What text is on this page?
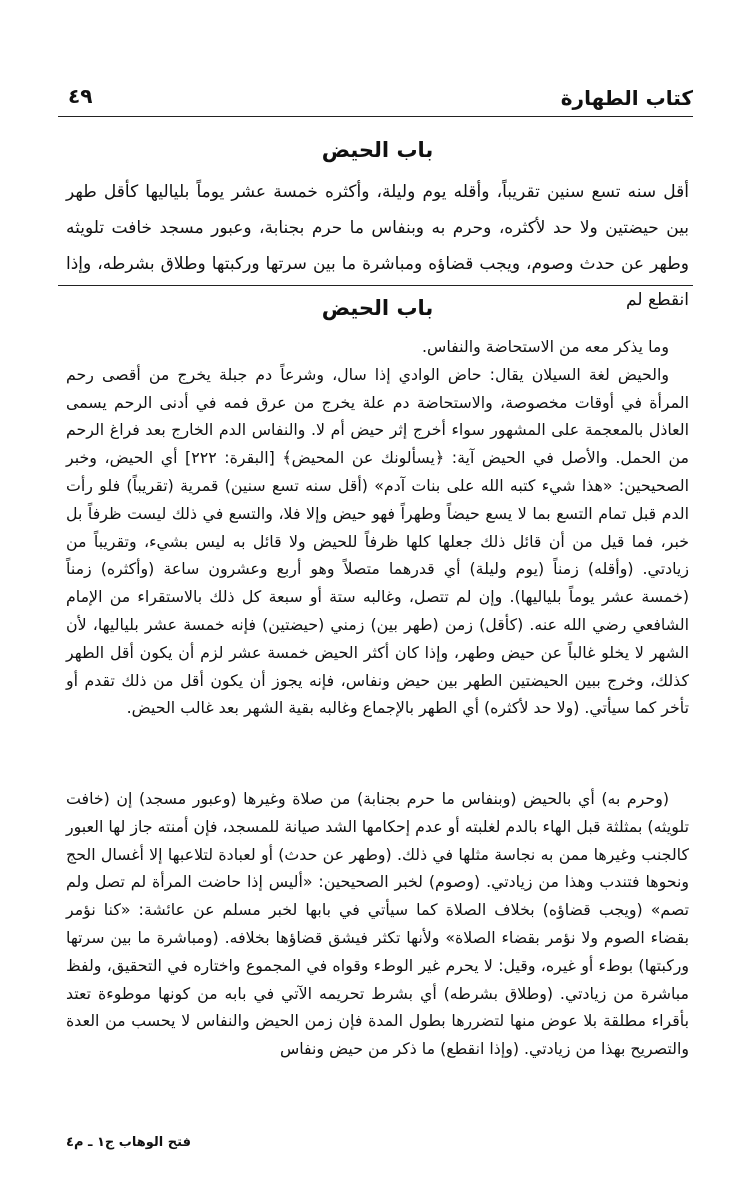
كتاب الطهارة
٤٩
باب الحيض
أقل سنه تسع سنين تقريباً، وأقله يوم وليلة، وأكثره خمسة عشر يوماً بلياليها كأقل طهر بين حيضتين ولا حد لأكثره، وحرم به وبنفاس ما حرم بجنابة، وعبور مسجد خافت تلويثه وطهر عن حدث وصوم، ويجب قضاؤه ومباشرة ما بين سرتها وركبتها وطلاق بشرطه، وإذا انقطع لم
باب الحيض

وما يذكر معه من الاستحاضة والنفاس.

والحيض لغة السيلان يقال: حاض الوادي إذا سال، وشرعاً دم جبلة يخرج من أقصى رحم المرأة في أوقات مخصوصة، والاستحاضة دم علة يخرج من عرق فمه في أدنى الرحم يسمى العاذل بالمعجمة على المشهور سواء أخرج إثر حيض أم لا. والنفاس الدم الخارج بعد فراغ الرحم من الحمل. والأصل في الحيض آية: ﴿يسألونك عن المحيض﴾ [البقرة: ٢٢٢] أي الحيض، وخبر الصحيحين: «هذا شيء كتبه الله على بنات آدم» (أقل سنه تسع سنين) قمرية (تقريباً) فلو رأت الدم قبل تمام التسع بما لا يسع حيضاً وطهراً فهو حيض وإلا فلا، والتسع في ذلك ليست ظرفاً بل خبر، فما قيل من أن قائل ذلك جعلها كلها ظرفاً للحيض ولا قائل به ليس بشيء، وتقريباً من زيادتي. (وأقله) زمناً (يوم وليلة) أي قدرهما متصلاً وهو أربع وعشرون ساعة (وأكثره) زمناً (خمسة عشر يوماً بلياليها). وإن لم تتصل، وغالبه ستة أو سبعة كل ذلك بالاستقراء من الإمام الشافعي رضي الله عنه. (كأقل) زمن (طهر بين) زمني (حيضتين) فإنه خمسة عشر بلياليها، لأن الشهر لا يخلو غالباً عن حيض وطهر، وإذا كان أكثر الحيض خمسة عشر لزم أن يكون أقل الطهر كذلك، وخرج ببين الحيضتين الطهر بين حيض ونفاس، فإنه يجوز أن يكون أقل من ذلك تقدم أو تأخر كما سيأتي. (ولا حد لأكثره) أي الطهر بالإجماع وغالبه بقية الشهر بعد غالب الحيض.

(وحرم به) أي بالحيض (وبنفاس ما حرم بجنابة) من صلاة وغيرها (وعبور مسجد) إن (خافت تلويثه) بمثلثة قبل الهاء بالدم لغلبته أو عدم إحكامها الشد صيانة للمسجد، فإن أمنته جاز لها العبور كالجنب وغيرها ممن به نجاسة مثلها في ذلك. (وطهر عن حدث) أو لعبادة لتلاعبها إلا أغسال الحج ونحوها فتندب وهذا من زيادتي. (وصوم) لخبر الصحيحين: «أليس إذا حاضت المرأة لم تصل ولم تصم» (ويجب قضاؤه) بخلاف الصلاة كما سيأتي في بابها لخبر مسلم عن عائشة: «كنا نؤمر بقضاء الصوم ولا نؤمر بقضاء الصلاة» ولأنها تكثر فيشق قضاؤها بخلافه. (ومباشرة ما بين سرتها وركبتها) بوطء أو غيره، وقيل: لا يحرم غير الوطء وقواه في المجموع واختاره في التحقيق، ولفظ مباشرة من زيادتي. (وطلاق بشرطه) أي بشرط تحريمه الآتي في بابه من كونها موطوءة تعتد بأقراء مطلقة بلا عوض منها لتضررها بطول المدة فإن زمن الحيض والنفاس لا يحسب من العدة والتصريح بهذا من زيادتي. (وإذا انقطع) ما ذكر من حيض ونفاس

فتح الوهاب ج١ ـ م٤
